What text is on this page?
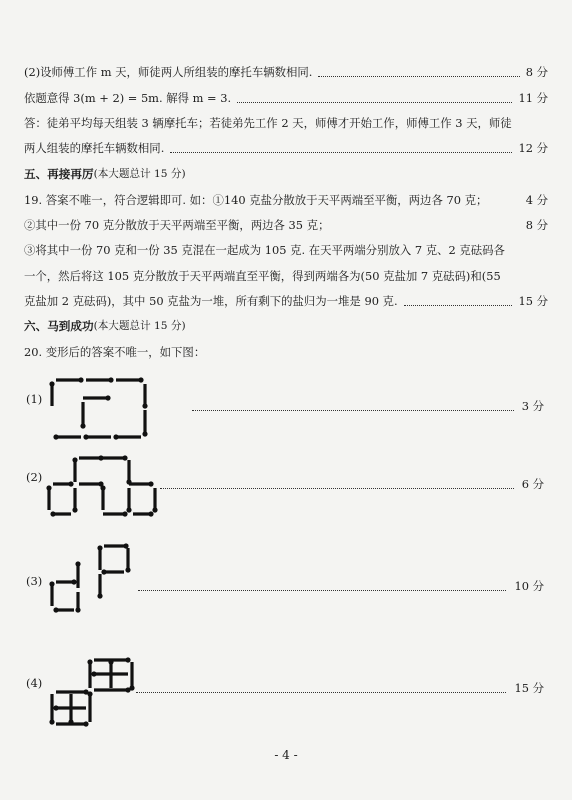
(2)设师傅工作 m 天，师徒两人所组装的摩托车辆数相同.	8 分
依题意得 3(m + 2) = 5m. 解得 m = 3.	11 分
答：徒弟平均每天组装 3 辆摩托车；若徒弟先工作 2 天，师傅才开始工作，师傅工作 3 天，师徒
两人组装的摩托车辆数相同.	12 分
五、再接再厉 (本大题总计 15 分)
19. 答案不唯一，符合逻辑即可. 如：①140 克盐分散放于天平两端至平衡，两边各 70 克；	4 分
②其中一份 70 克分散放于天平两端至平衡，两边各 35 克；	8 分
③将其中一份 70 克和一份 35 克混在一起成为 105 克. 在天平两端分别放入 7 克、2 克砝码各
一个，然后将这 105 克分散放于天平两端直至平衡，得到两端各为(50 克盐加 7 克砝码)和(55
克盐加 2 克砝码)，其中 50 克盐为一堆，所有剩下的盐归为一堆是 90 克.	15 分
六、马到成功 (本大题总计 15 分)
20. 变形后的答案不唯一，如下图：
(1)	3 分
(2)	6 分
(3)	10 分
(4)	15 分
- 4 -
